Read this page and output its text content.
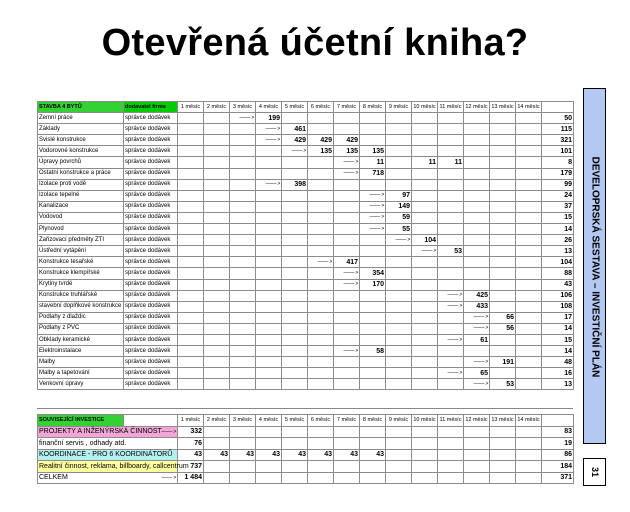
Otevřená účetní kniha?
STAVBA 4 BYTŮ	dodavatel firma	1 měsíc	2 měsíc	3 měsíc	4 měsíc	5 měsíc	6 měsíc	7 měsíc	8 měsíc	9 měsíc	10 měsíc	11 měsíc	12 měsíc	13 měsíc	14 měsíc	
Zemní práce	správce dodávek			-------- >	199											50
Základy	správce dodávek				-------- >	461										115
Svislé konstrukce	správce dodávek				-------- >	429	429	429								321
Vodorovné konstrukce	správce dodávek					-------- >	135	135	135							101
Úpravy povrchů	správce dodávek							-------- >	11		11	11				8
Ostatní konstrukce a práce	správce dodávek							-------- >	718							179
Izolace proti vodě	správce dodávek				-------- >	398										99
Izolace tepelné	správce dodávek								-------- >	97						24
Kanalizace	správce dodávek								-------- >	149						37
Vodovod	správce dodávek								-------- >	59						15
Plynovod	správce dodávek								-------- >	55						14
Zařizovací předměty ZTI	správce dodávek									-------- >	104					26
Ústřední vytápění	správce dodávek										-------- >	53				13
Konstrukce tesařské	správce dodávek						-------- >	417								104
Konstrukce klempířské	správce dodávek							-------- >	354							88
Krytiny tvrdé	správce dodávek							-------- >	170							43
Konstrukce truhlářské	správce dodávek											-------- >	425			106
stavební doplňkové konstrukce	správce dodávek											-------- >	433			108
Podlahy z dlaždic	správce dodávek												-------- >	66		17
Podlahy z PVC	správce dodávek												-------- >	56		14
Obklady keramické	správce dodávek											-------- >	61			15
Elektroinstalace	správce dodávek							-------- >	58							14
Malby	správce dodávek												-------- >	191		48
Malby a tapetování	správce dodávek											-------- >	65			16
Venkovní úpravy	správce dodávek												-------- >	53		13
SOUVISEJÍCÍ INVESTICE		1 měsíc	2 měsíc	3 měsíc	4 měsíc	5 měsíc	6 měsíc	7 měsíc	8 měsíc	9 měsíc	10 měsíc	11 měsíc	12 měsíc	13 měsíc	14 měsíc	
PROJEKTY A INŽENÝRSKÁ ČINNOST -------- >		332														83
finanční servis , odhady atd.		76														19
KOORDINACE - PRO 6 KOORDINÁTORŮ		43	43	43	43	43	43	43	43							86
Realitní činnost, reklama, billboardy, callcentrum		737														184
CELKEM -------- >		1 484														371
DEVELOPRSKÁ SESTAVA – INVESTIČNÍ PLÁN
31
